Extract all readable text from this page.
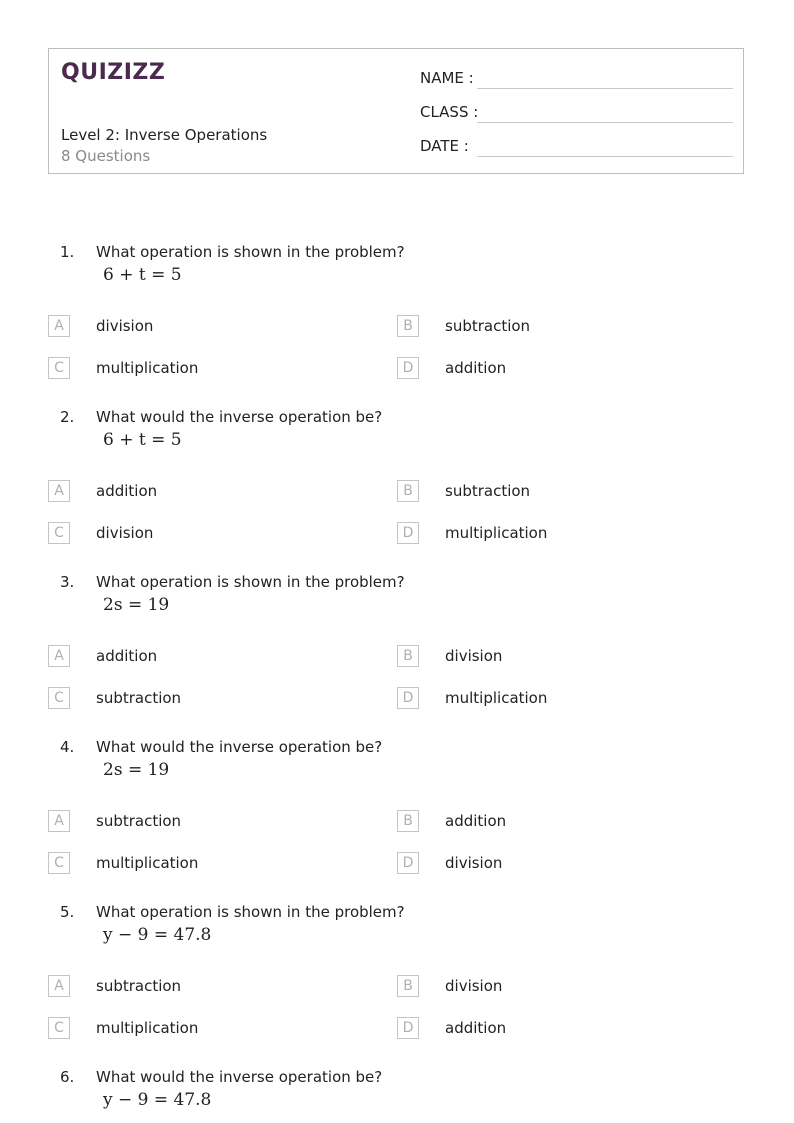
QUIZIZZ
Level 2: Inverse Operations
8 Questions
NAME :
CLASS :
DATE :
1.	What operation is shown in the problem?
6 + t = 5
A	division	B	subtraction
C	multiplication	D	addition
2.	What would the inverse operation be?
6 + t = 5
A	addition	B	subtraction
C	division	D	multiplication
3.	What operation is shown in the problem?
2s = 19
A	addition	B	division
C	subtraction	D	multiplication
4.	What would the inverse operation be?
2s = 19
A	subtraction	B	addition
C	multiplication	D	division
5.	What operation is shown in the problem?
y − 9 = 47.8
A	subtraction	B	division
C	multiplication	D	addition
6.	What would the inverse operation be?
y − 9 = 47.8
